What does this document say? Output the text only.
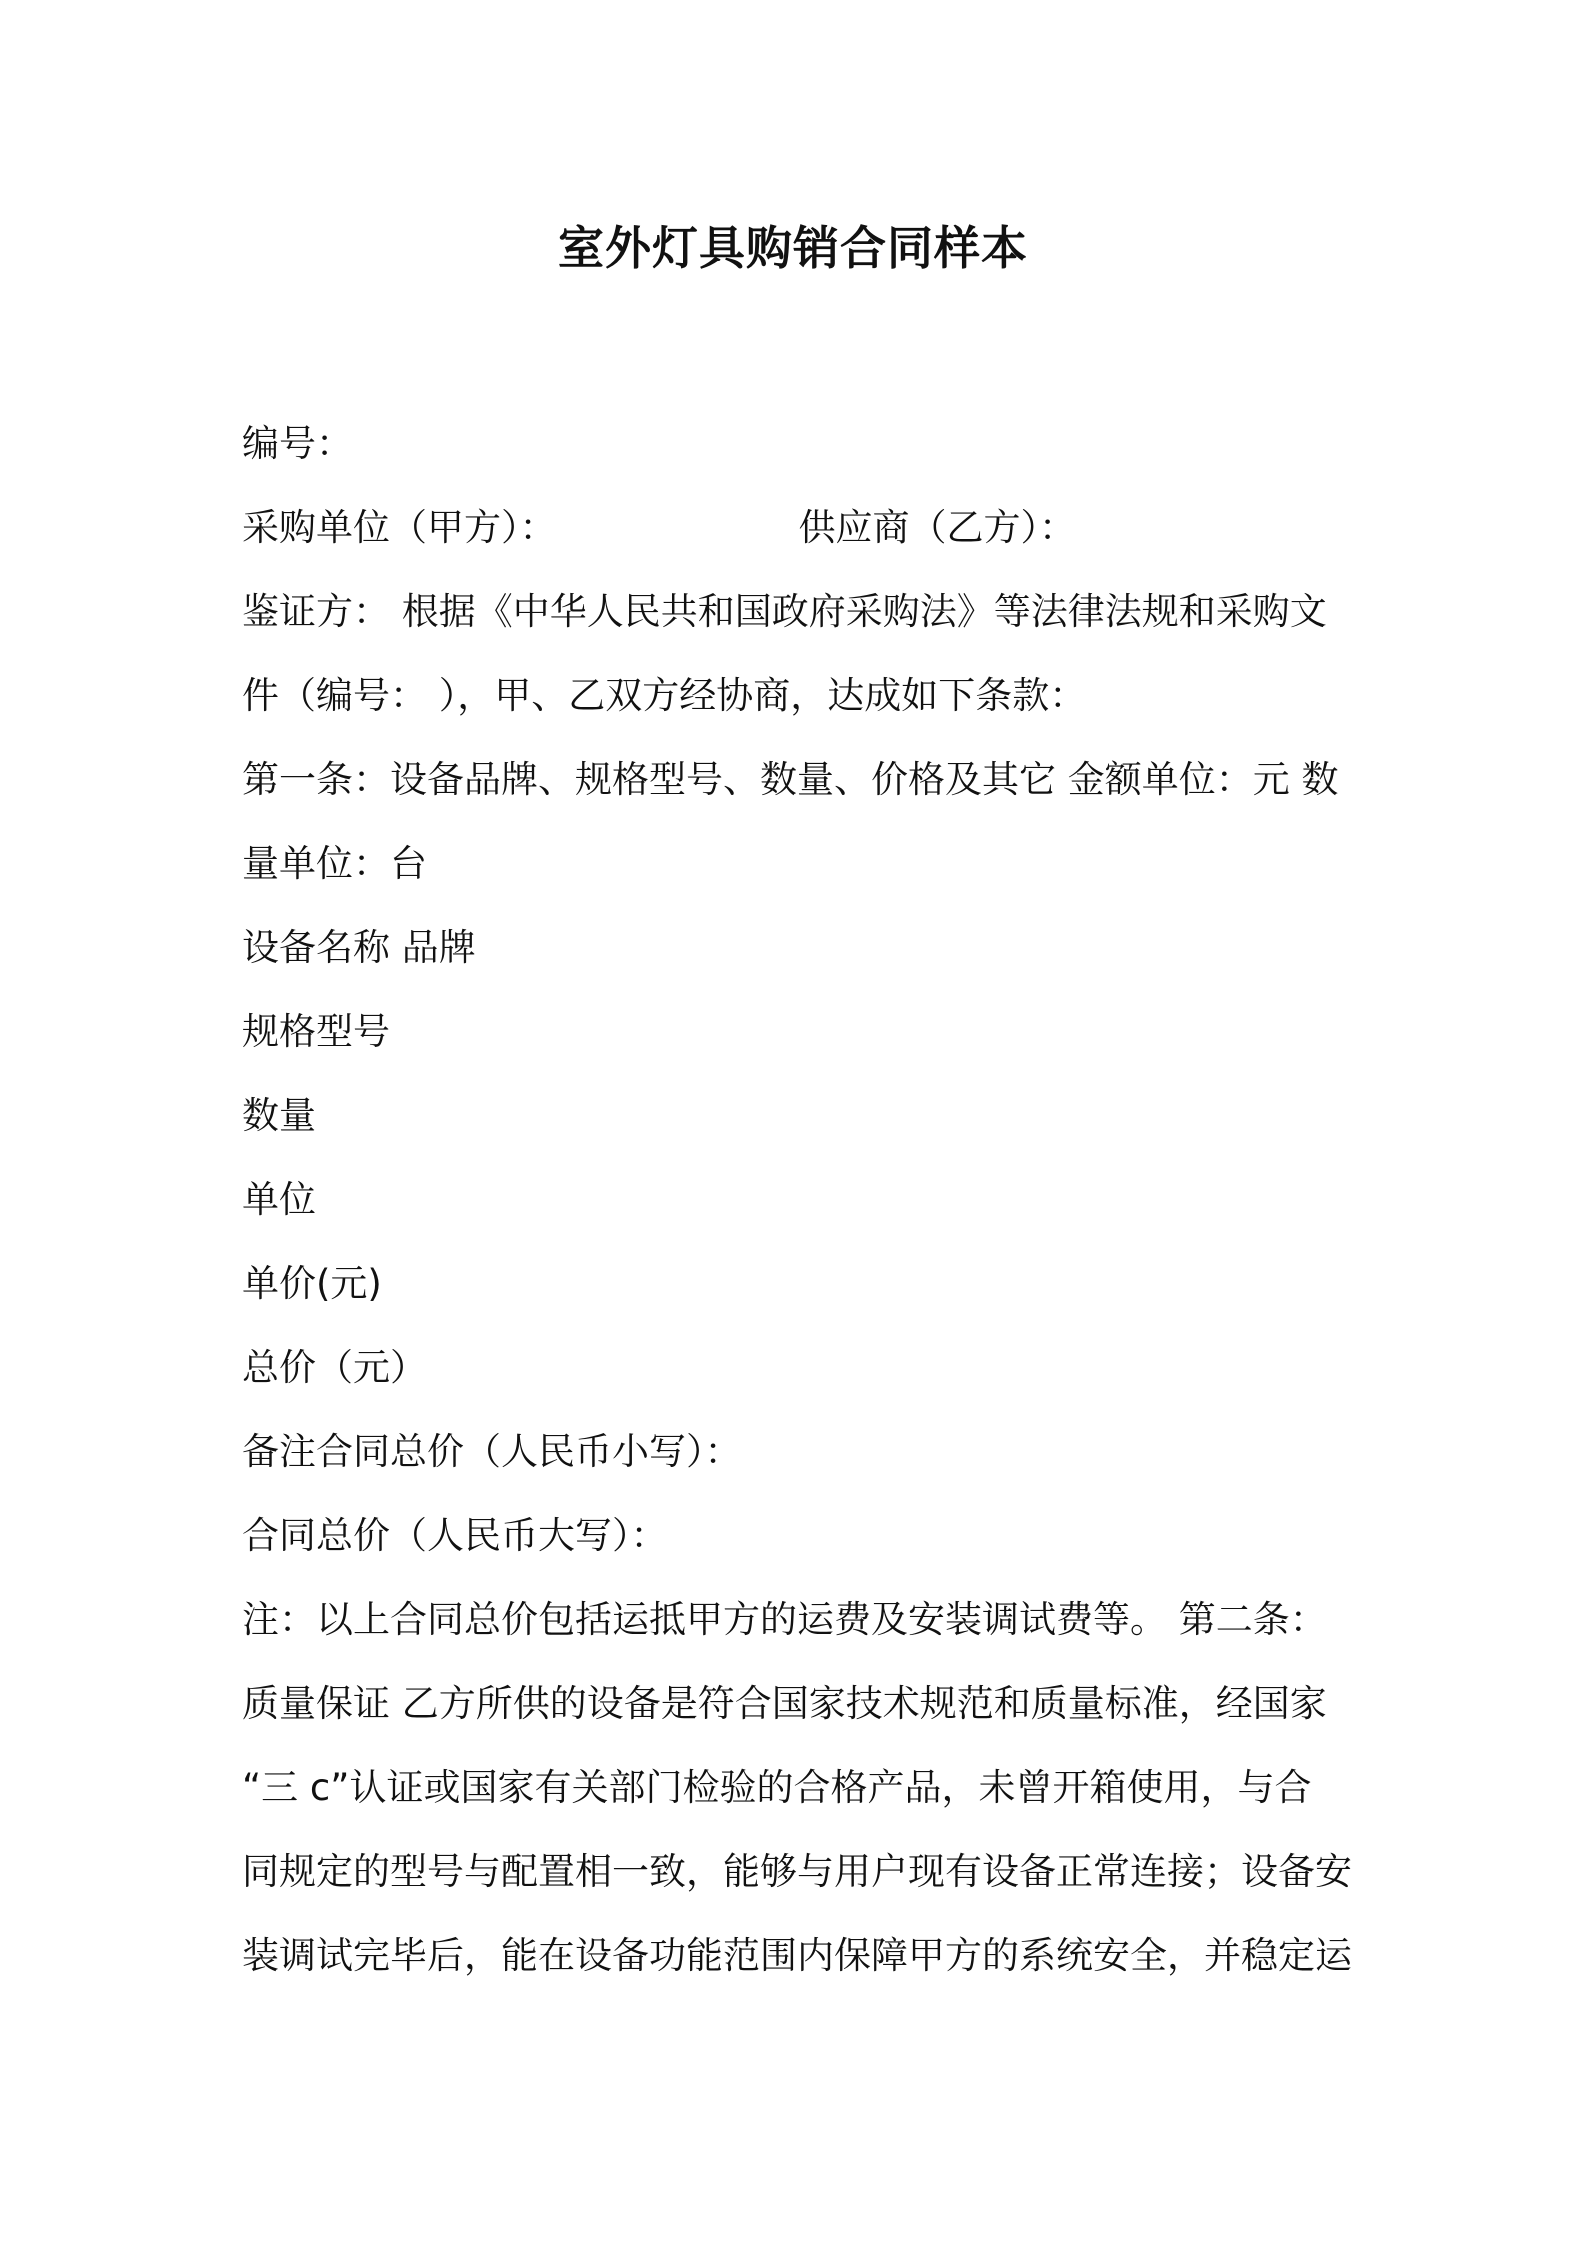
室外灯具购销合同样本
编号：
采购单位（甲方）：	供应商（乙方）：
鉴证方： 根据《中华人民共和国政府采购法》等法律法规和采购文
件（编号： ），甲、乙双方经协商，达成如下条款：
第一条：设备品牌、规格型号、数量、价格及其它 金额单位：元 数
量单位：台
设备名称 品牌
规格型号
数量
单位
单价(元)
总价（元）
备注合同总价（人民币小写）：
合同总价（人民币大写）：
注：以上合同总价包括运抵甲方的运费及安装调试费等。 第二条：
质量保证 乙方所供的设备是符合国家技术规范和质量标准，经国家
“三 c”认证或国家有关部门检验的合格产品，未曾开箱使用，与合
同规定的型号与配置相一致，能够与用户现有设备正常连接；设备安
装调试完毕后，能在设备功能范围内保障甲方的系统安全，并稳定运
